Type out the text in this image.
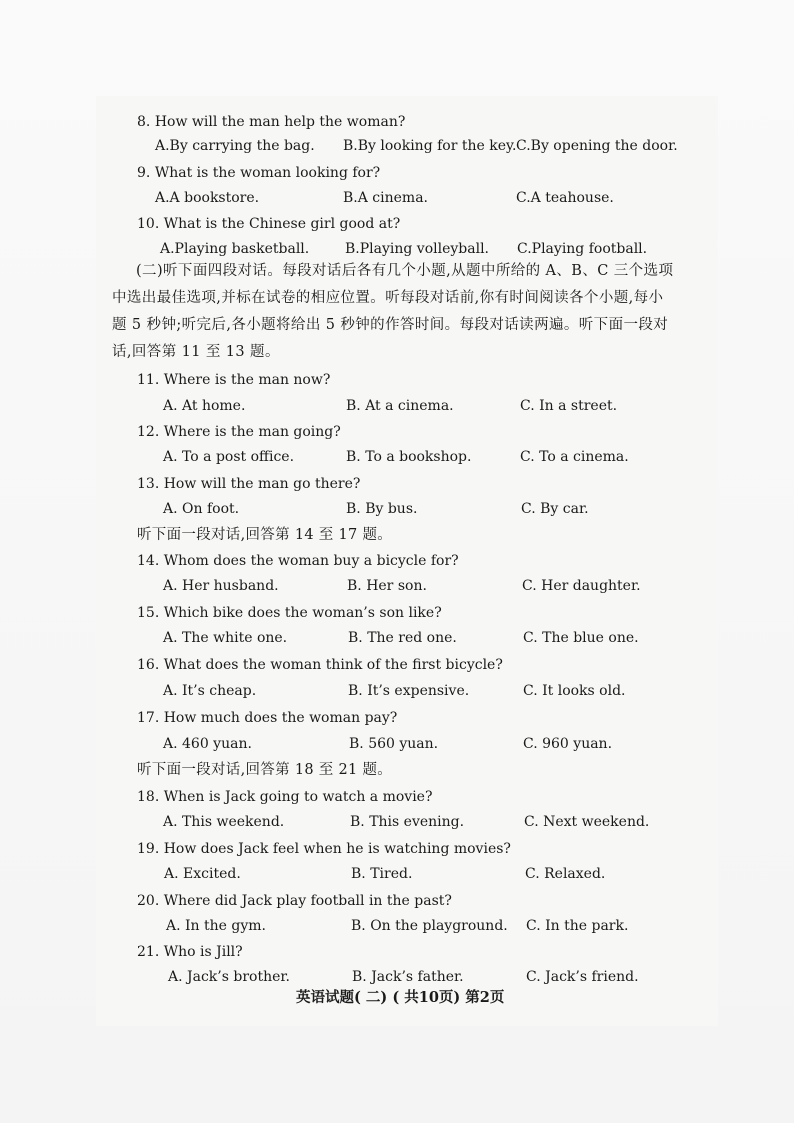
8. How will the man help the woman?
A.By carrying the bag. B.By looking for the key. C.By opening the door.
9. What is the woman looking for?
A.A bookstore.	B.A cinema.	C.A teahouse.
10. What is the Chinese girl good at?
A.Playing basketball.	B.Playing volleyball. C.Playing football.

(二)听下面四段对话。每段对话后各有几个小题,从题中所给的 A、B、C 三个选项

中选出最佳选项,并标在试卷的相应位置。听每段对话前,你有时间阅读各个小题,每小

题 5 秒钟;听完后,各小题将给出 5 秒钟的作答时间。每段对话读两遍。听下面一段对

话,回答第 11 至 13 题。

11. Where is the man now?
A. At home.	B. At a cinema.	C. In a street.
12. Where is the man going?
A. To a post office.	B. To a bookshop.	C. To a cinema.
13. How will the man go there?
A. On foot.	B. By bus.	C. By car.
听下面一段对话,回答第 14 至 17 题。
14. Whom does the woman buy a bicycle for?
A. Her husband.	B. Her son.	C. Her daughter.
15. Which bike does the woman’s son like?
A. The white one.	B. The red one.	C. The blue one.
16. What does the woman think of the first bicycle?
A. It’s cheap.	B. It’s expensive.	C. It looks old.
17. How much does the woman pay?
A. 460 yuan.	B. 560 yuan.	C. 960 yuan.
听下面一段对话,回答第 18 至 21 题。
18. When is Jack going to watch a movie?
A. This weekend.	B. This evening.	C. Next weekend.
19. How does Jack feel when he is watching movies?
A. Excited.	B. Tired.	C. Relaxed.
20. Where did Jack play football in the past?
A. In the gym.	B. On the playground. C. In the park.
21. Who is Jill?
A. Jack’s brother.	B. Jack’s father.	C. Jack’s friend.
英语试题( 二) ( 共10页) 第2页
